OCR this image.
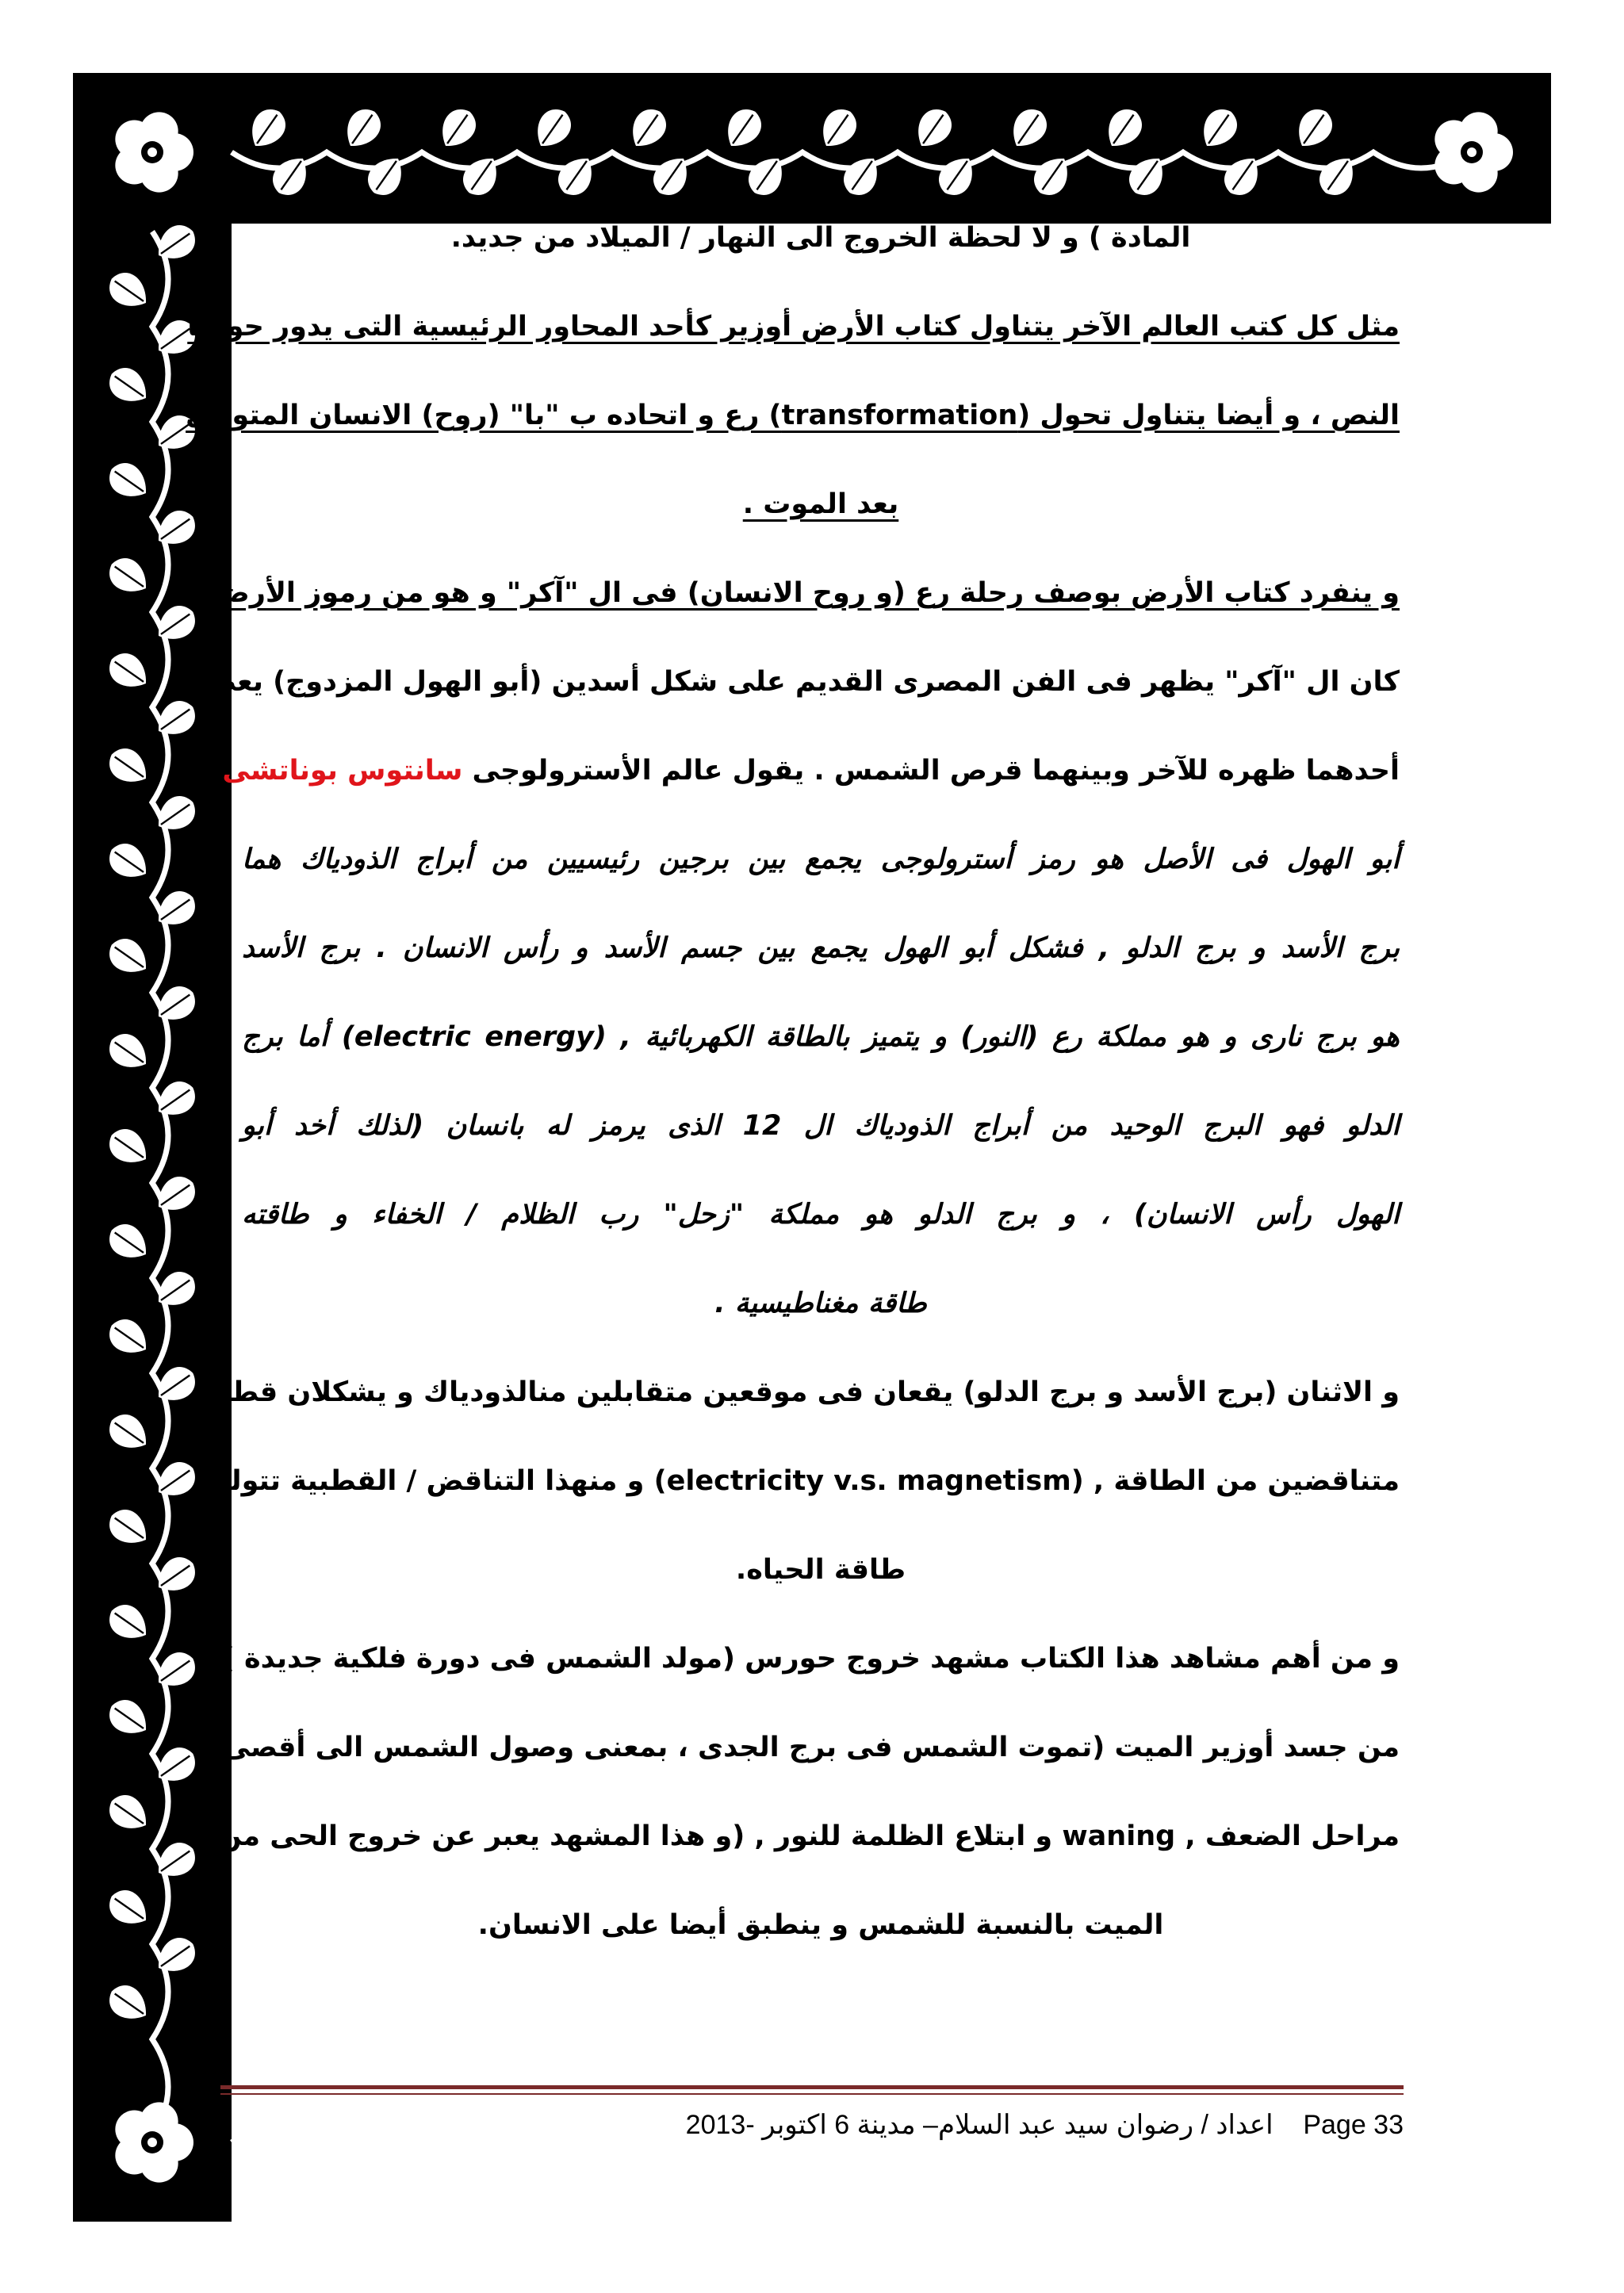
المادة ) و لا لحظة الخروج الى النهار / الميلاد من جديد.
مثل كل كتب العالم الآخر يتناول كتاب الأرض أوزير كأحد المحاور الرئيسية التى يدور حولها
النص ، و أيضا يتناول تحول (transformation) رع و اتحاده ب "با" (روح) الانسان المتوفى
بعد الموت .
و ينفرد كتاب الأرض بوصف رحلة رع (و روح الانسان) فى ال "آكر" و هو من رموز الأرض .
كان ال "آكر" يظهر فى الفن المصرى القديم على شكل أسدين (أبو الهول المزدوج) يعطى
أحدهما ظهره للآخر وبينهما قرص الشمس . يقول عالم الأسترولوجى سانتوس بوناتشى أن
أبو الهول فى الأصل هو رمز أسترولوجى يجمع بين برجين رئيسيين من أبراج الذودياك هما
برج الأسد و برج الدلو , فشكل أبو الهول يجمع بين جسم الأسد و رأس الانسان . برج الأسد
هو برج نارى و هو مملكة رع (النور) و يتميز بالطاقة الكهربائية , (electric energy) أما برج
الدلو فهو البرج الوحيد من أبراج الذودياك ال 12 الذى يرمز له بانسان (لذلك أخد أبو
الهول رأس الانسان) ، و برج الدلو هو مملكة "زحل" رب الظلام / الخفاء و طاقته
طاقة مغناطيسية .
و الاثنان (برج الأسد و برج الدلو) يقعان فى موقعين متقابلين منالذودياك و يشكلان قطبين
متناقضين من الطاقة , (electricity v.s. magnetism) و منهذا التناقض / القطبية تتولد
طاقة الحياه.
و من أهم مشاهد هذا الكتاب مشهد خروج حورس (مولد الشمس فى دورة فلكية جديدة )
من جسد أوزير الميت (تموت الشمس فى برج الجدى ، بمعنى وصول الشمس الى أقصى
مراحل الضعف , waning و ابتلاع الظلمة للنور , (و هذا المشهد يعبر عن خروج الحى من
الميت بالنسبة للشمس و ينطبق أيضا على الانسان.
Page 33    اعداد / رضوان سيد عبد السلام– مدينة 6 اكتوبر -2013
